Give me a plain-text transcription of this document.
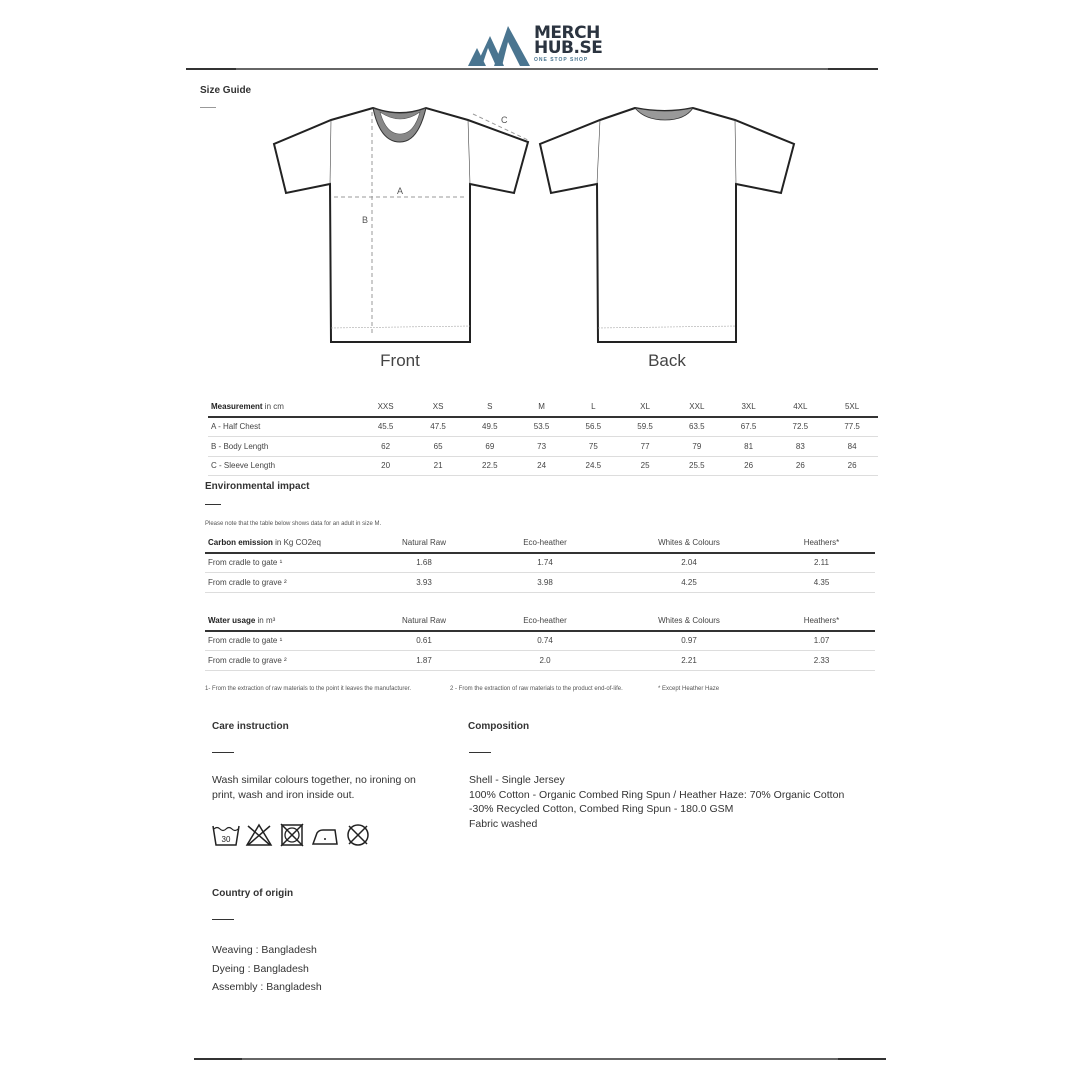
MERCH
HUB.SE
ONE STOP SHOP
Size Guide
A
B
C
Front	Back
Measurement in cm	XXS	XS	S	M	L	XL	XXL	3XL	4XL	5XL
A - Half Chest	45.5	47.5	49.5	53.5	56.5	59.5	63.5	67.5	72.5	77.5
B - Body Length	62	65	69	73	75	77	79	81	83	84
C - Sleeve Length	20	21	22.5	24	24.5	25	25.5	26	26	26
Environmental impact
Please note that the table below shows data for an adult in size M.
Carbon emission in Kg CO2eq	Natural Raw	Eco-heather	Whites & Colours	Heathers*
From cradle to gate ¹	1.68	1.74	2.04	2.11
From cradle to grave ²	3.93	3.98	4.25	4.35
Water usage in m³	Natural Raw	Eco-heather	Whites & Colours	Heathers*
From cradle to gate ¹	0.61	0.74	0.97	1.07
From cradle to grave ²	1.87	2.0	2.21	2.33
1- From the extraction of raw materials to the point it leaves the manufacturer.	2 - From the extraction of raw materials to the product end-of-life.	* Except Heather Haze
Care instruction
Wash similar colours together, no ironing on print, wash and iron inside out.
30
Composition
Shell - Single Jersey
100% Cotton - Organic Combed Ring Spun / Heather Haze: 70% Organic Cotton
-30% Recycled Cotton, Combed Ring Spun - 180.0 GSM
Fabric washed
Country of origin
Weaving : Bangladesh
Dyeing : Bangladesh
Assembly : Bangladesh
